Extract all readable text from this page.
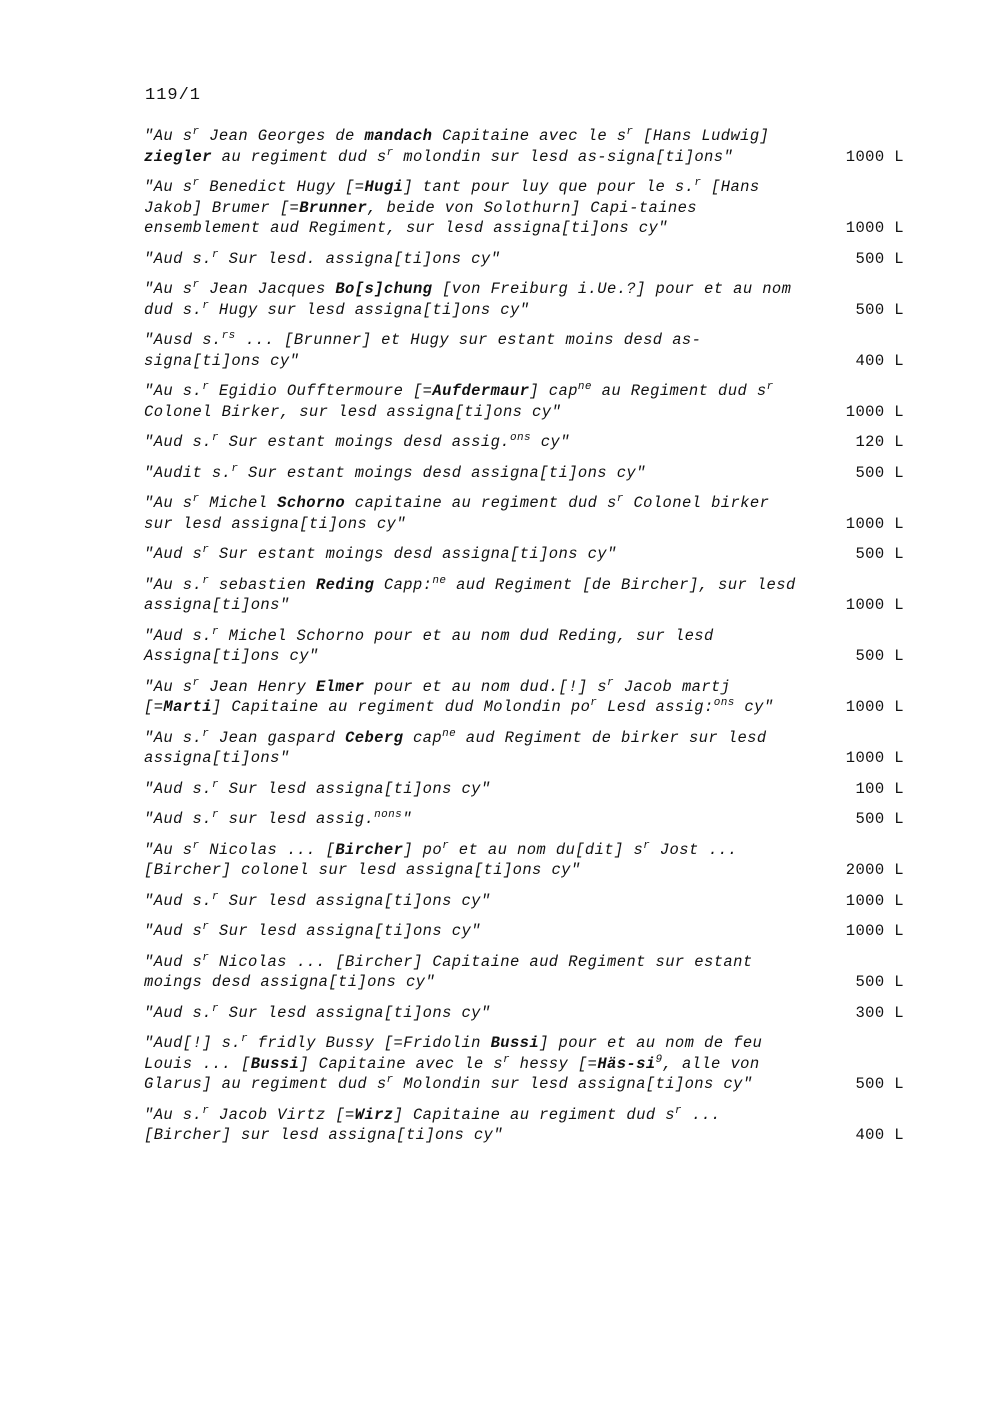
119/1
"Au $s^r$ Jean Georges de mandach Capitaine avec le $s^r$ [Hans Ludwig] ziegler au regiment dud $s^r$ molondin sur lesd as-signa[ti]ons"	1000 L
"Au $s^r$ Benedict Hugy [=Hugi] tant pour luy que pour le s.$^r$ [Hans Jakob] Brumer [=Brunner, beide von Solothurn] Capi-taines ensemblement aud Regiment, sur lesd assigna[ti]ons cy"	1000 L
"Aud s.$^r$ Sur lesd. assigna[ti]ons cy"	500 L
"Au $s^r$ Jean Jacques Bo[s]chung [von Freiburg i.Ue.?] pour et au nom dud s.$^r$ Hugy sur lesd assigna[ti]ons cy"	500 L
"Ausd s.$^{rs}$ ... [Brunner] et Hugy sur estant moins desd as-signa[ti]ons cy"	400 L
"Au s.$^r$ Egidio Oufftermoure [=Aufdermaur] cap$^{ne}$ au Regiment dud $s^r$ Colonel Birker, sur lesd assigna[ti]ons cy"	1000 L
"Aud s.$^r$ Sur estant moings desd assig.$^{ons}$ cy"	120 L
"Audit s.$^r$ Sur estant moings desd assigna[ti]ons cy"	500 L
"Au $s^r$ Michel Schorno capitaine au regiment dud $s^r$ Colonel birker sur lesd assigna[ti]ons cy"	1000 L
"Aud $s^r$ Sur estant moings desd assigna[ti]ons cy"	500 L
"Au s.$^r$ sebastien Reding Capp:$^{ne}$ aud Regiment [de Bircher], sur lesd assigna[ti]ons"	1000 L
"Aud s.$^r$ Michel Schorno pour et au nom dud Reding, sur lesd Assigna[ti]ons cy"	500 L
"Au $s^r$ Jean Henry Elmer pour et au nom dud.[!] $s^r$ Jacob martj [=Marti] Capitaine au regiment dud Molondin $po^r$ Lesd assig:$^{ons}$ cy"	1000 L
"Au s.$^r$ Jean gaspard Ceberg cap$^{ne}$ aud Regiment de birker sur lesd assigna[ti]ons"	1000 L
"Aud s.$^r$ Sur lesd assigna[ti]ons cy"	100 L
"Aud s.$^r$ sur lesd assig.$^{nons}$"	500 L
"Au $s^r$ Nicolas ... [Bircher] $po^r$ et au nom du[dit] $s^r$ Jost ... [Bircher] colonel sur lesd assigna[ti]ons cy"	2000 L
"Aud s.$^r$ Sur lesd assigna[ti]ons cy"	1000 L
"Aud $s^r$ Sur lesd assigna[ti]ons cy"	1000 L
"Aud $s^r$ Nicolas ... [Bircher] Capitaine aud Regiment sur estant moings desd assigna[ti]ons cy"	500 L
"Aud s.$^r$ Sur lesd assigna[ti]ons cy"	300 L
"Aud[!] s.$^r$ fridly Bussy [=Fridolin Bussi] pour et au nom de feu Louis ... [Bussi] Capitaine avec le $s^r$ hessy [$=Häs-si^9$, alle von Glarus] au regiment dud $s^r$ Molondin sur lesd assigna[ti]ons cy"	500 L
"Au s.$^r$ Jacob Virtz [=Wirz] Capitaine au regiment dud $s^r$ ... [Bircher] sur lesd assigna[ti]ons cy"	400 L
